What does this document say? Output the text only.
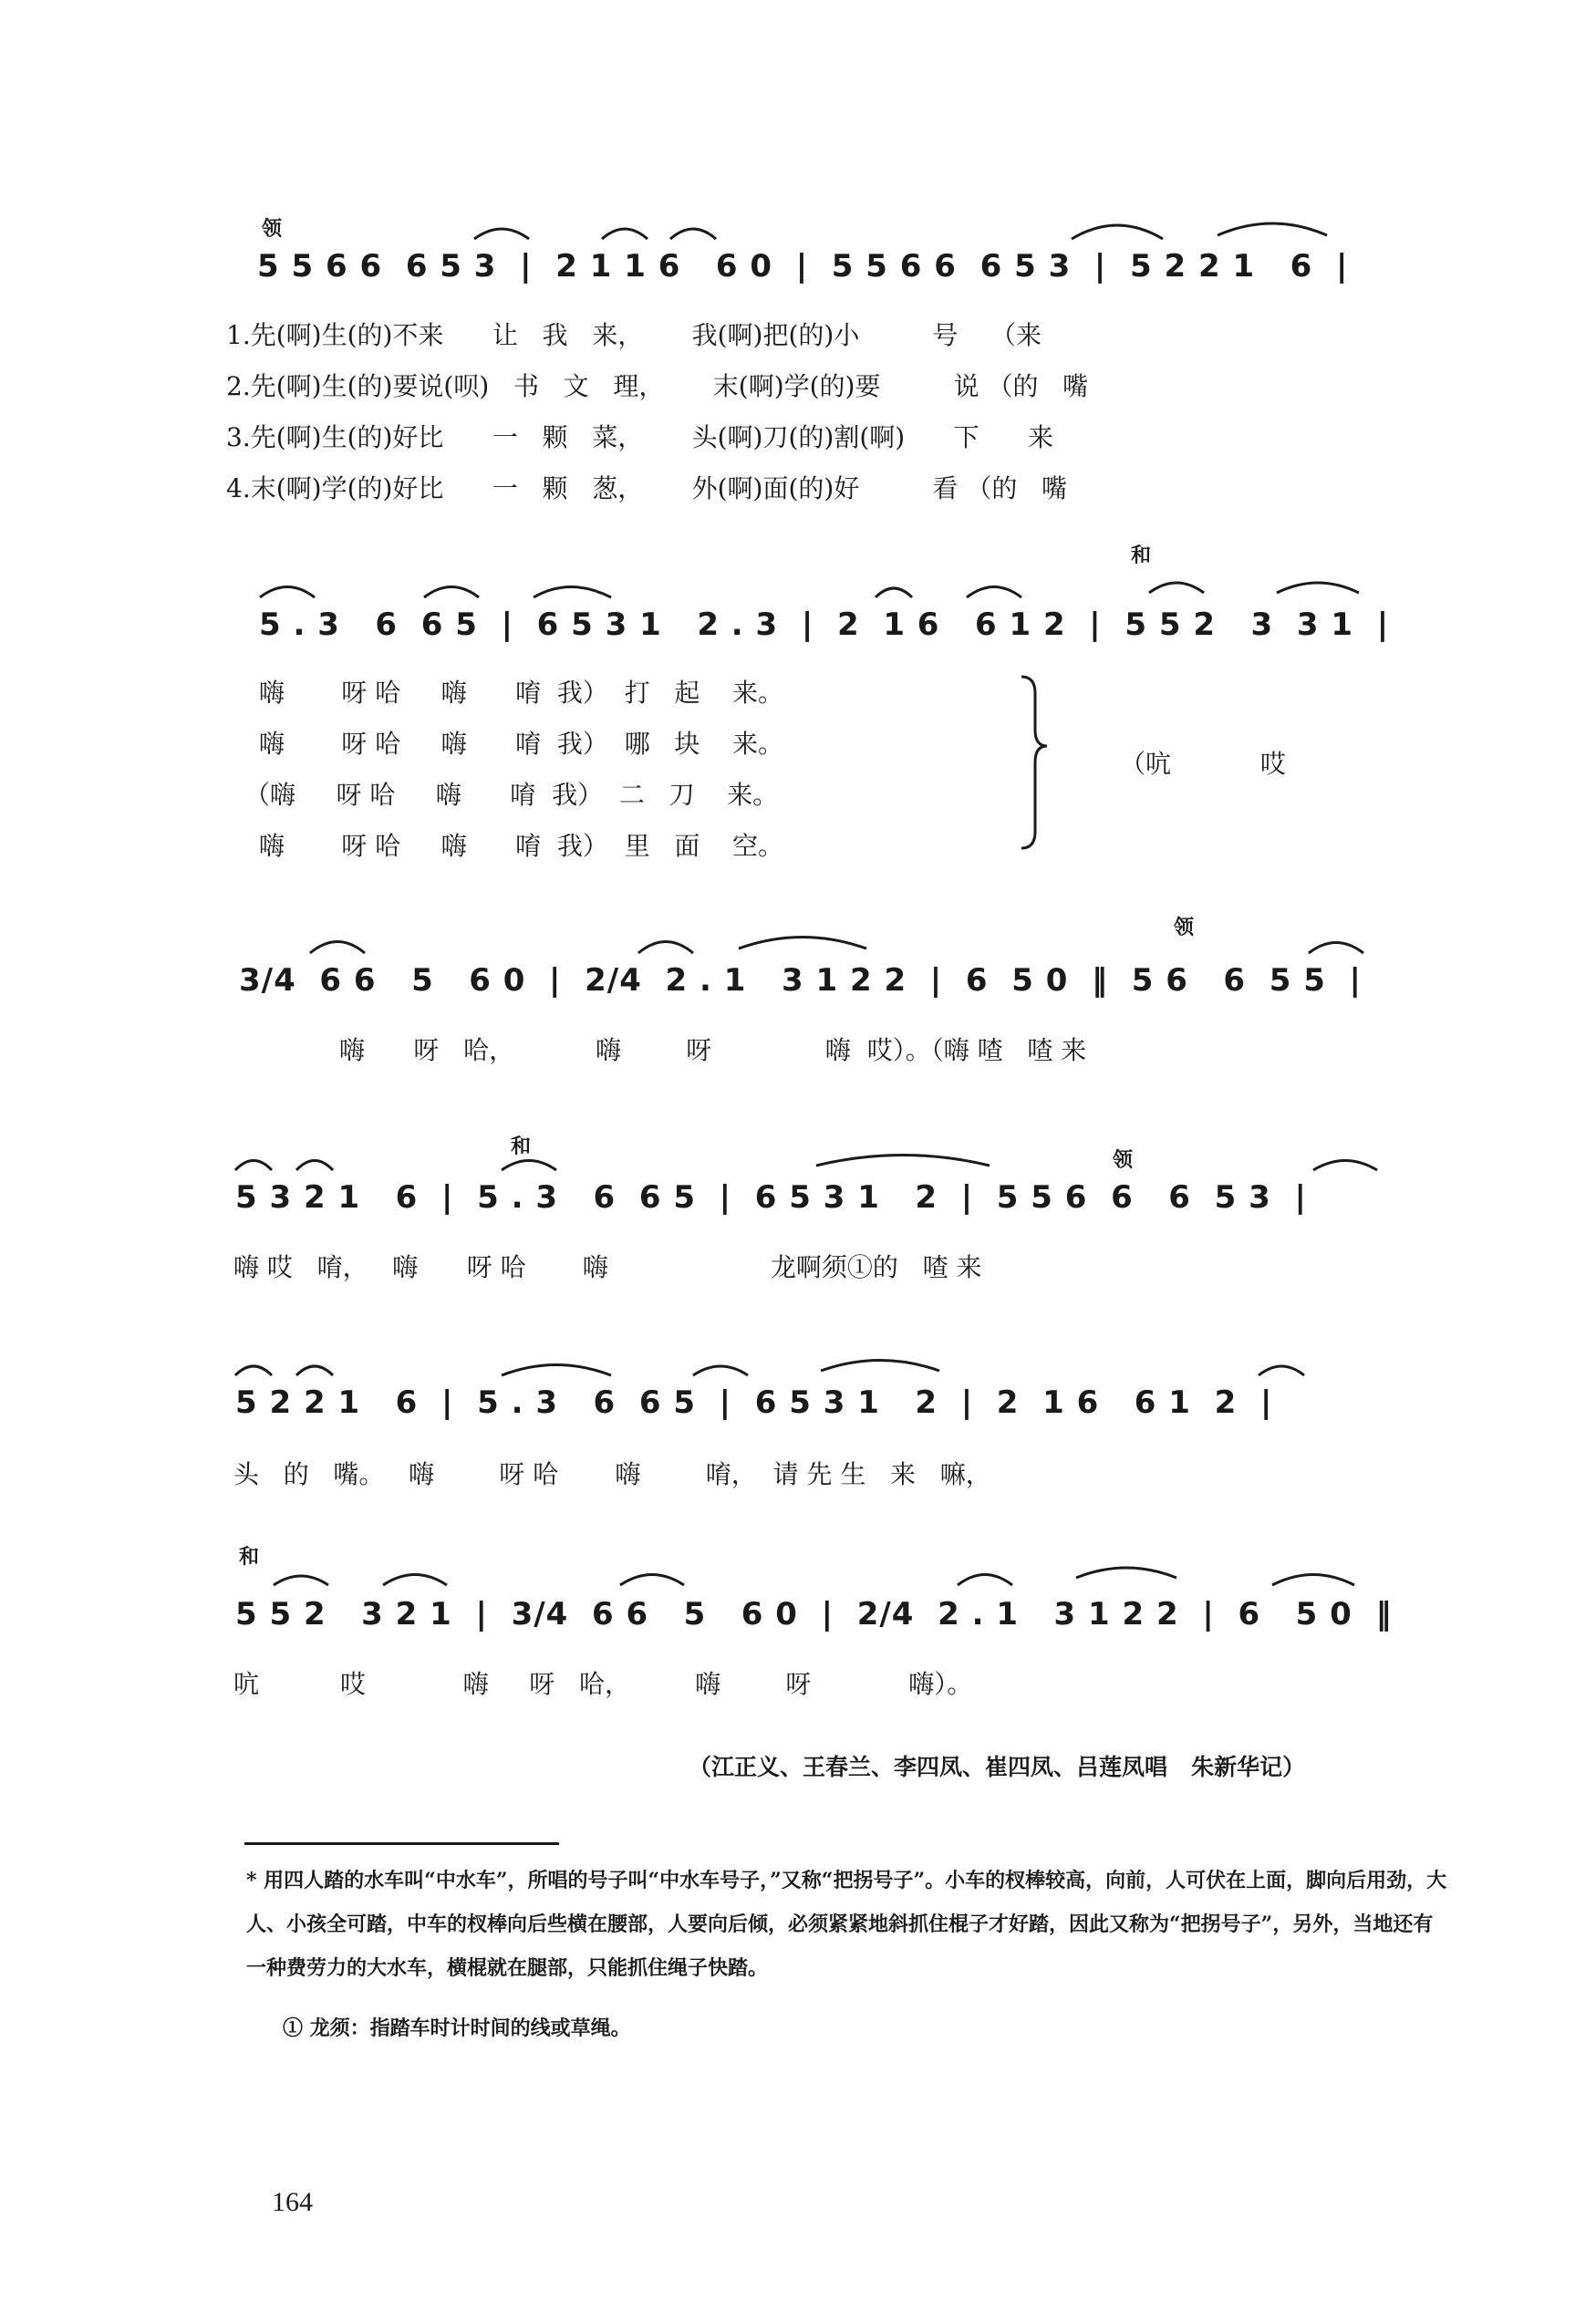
领
5 5 6 6  6 5 3  |  2 1 1 6   6 0  |  5 5 6 6  6 5 3  |  5 2 2 1   6  |
1.先(啊)生(的)不来      让   我   来，      我(啊)把(的)小         号    （来
2.先(啊)生(的)要说(呗)   书   文   理，      末(啊)学(的)要         说 （的   嘴
3.先(啊)生(的)好比      一   颗   菜，      头(啊)刀(的)割(啊)      下      来
4.末(啊)学(的)好比      一   颗   葱，      外(啊)面(的)好         看 （的   嘴
和
5 . 3   6  6 5  |  6 5 3 1   2 . 3  |  2  1 6   6 1 2  |  5 5 2   3  3 1  |
嗨       呀 哈     嗨      唷  我）  打   起    来。
嗨       呀 哈     嗨      唷  我）  哪   块    来。
（嗨     呀 哈     嗨      唷  我）  二   刀    来。
嗨       呀 哈     嗨      唷  我）  里   面    空。
（吭           哎
领
3/4  6 6   5   6 0  |  2/4  2 . 1   3 1 2 2  |  6  5 0  ‖  5 6   6  5 5  |
嗨      呀   哈，          嗨        呀              嗨  哎）。（嗨 喳   喳 来
和
领
5 3 2 1   6  |  5 . 3   6  6 5  |  6 5 3 1   2  |  5 5 6  6   6  5 3  |
嗨 哎   唷，   嗨      呀 哈       嗨                    龙啊须①的   喳 来
5 2 2 1   6  |  5 . 3   6  6 5  |  6 5 3 1   2  |  2  1 6   6 1  2  |
头   的   嘴。   嗨        呀 哈       嗨        唷，  请 先 生   来   嘛，
和
5 5 2   3 2 1  |  3/4  6 6   5   6 0  |  2/4  2 . 1   3 1 2 2  |  6   5 0  ‖
吭          哎            嗨     呀   哈，        嗨        呀            嗨）。
（江正义、王春兰、李四凤、崔四凤、吕莲凤唱   朱新华记）
* 用四人踏的水车叫“中水车”，所唱的号子叫“中水车号子，”又称“把拐号子”。小车的杈棒较高，向前，人可伏在上面，脚向后用劲，大人、小孩全可踏，中车的杈棒向后些横在腰部，人要向后倾，必须紧紧地斜抓住棍子才好踏，因此又称为“把拐号子”，另外，当地还有一种费劳力的大水车，横棍就在腿部，只能抓住绳子快踏。
① 龙须：指踏车时计时间的线或草绳。
164
